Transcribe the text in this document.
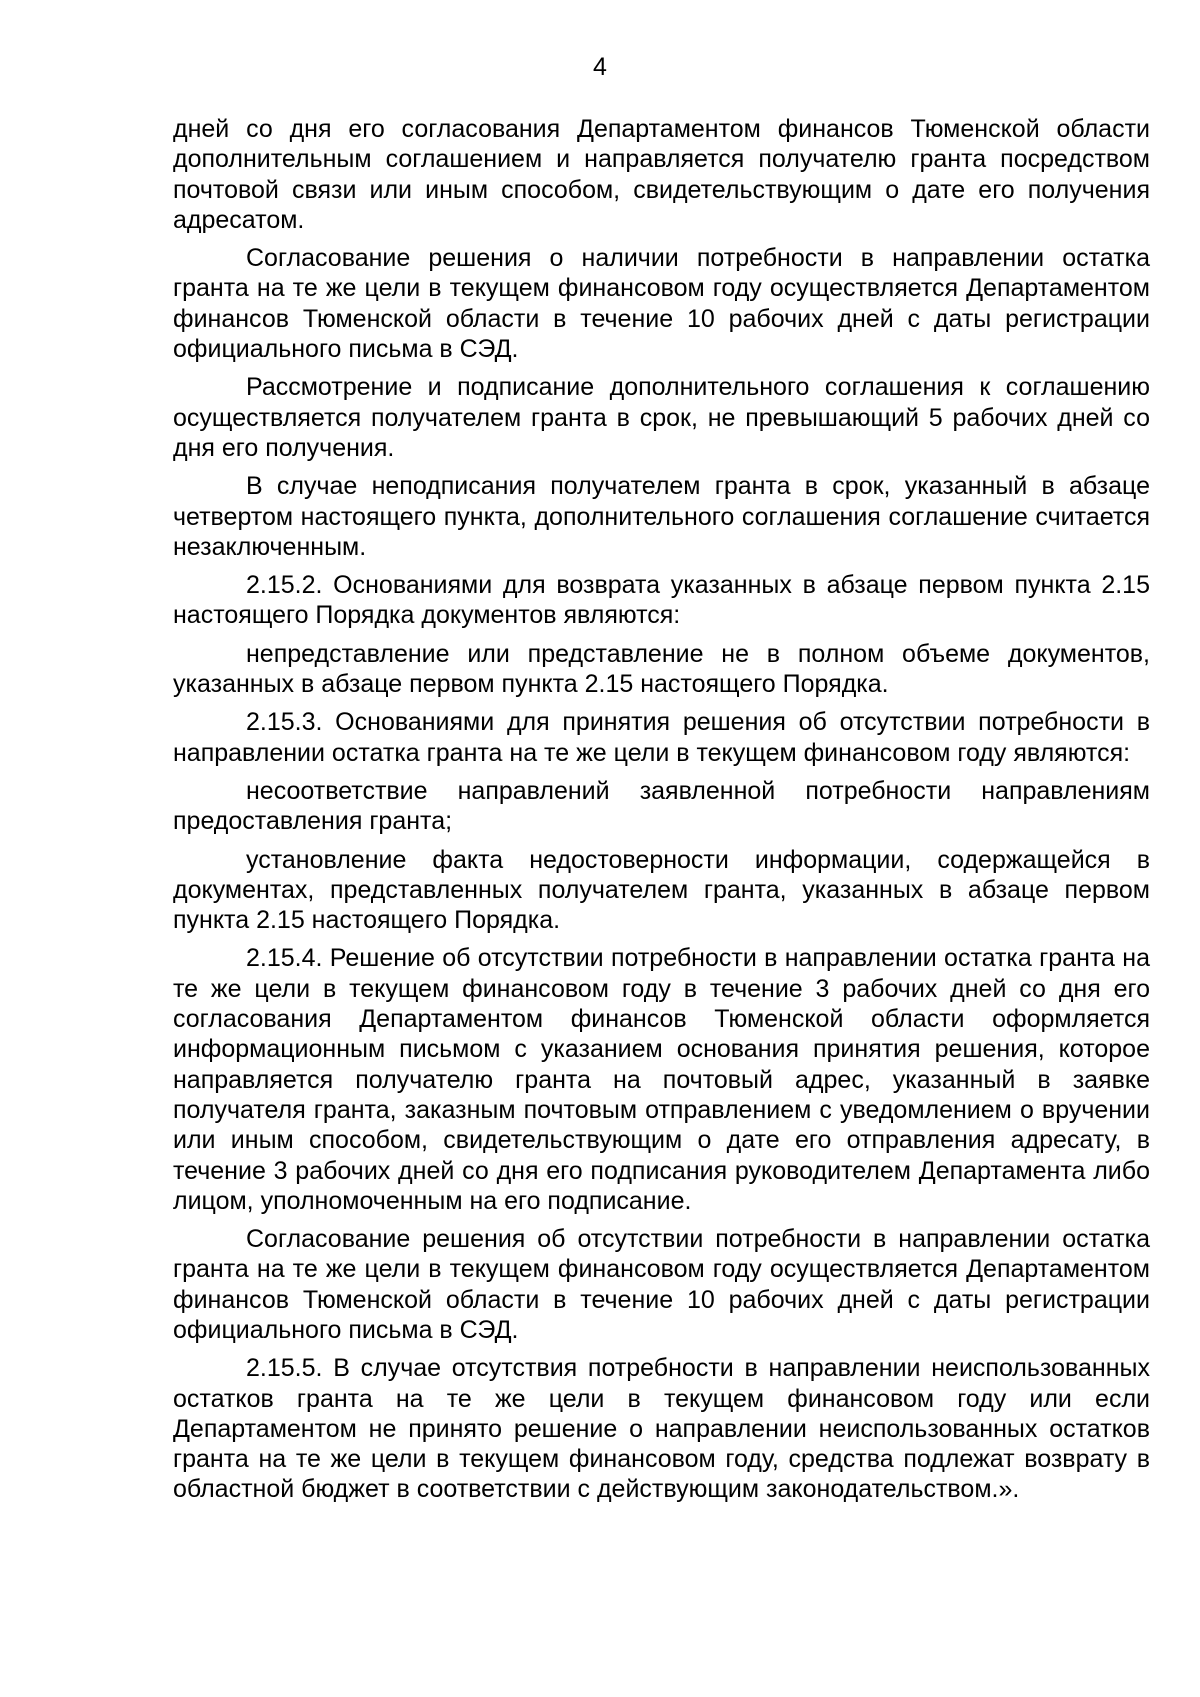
4

дней со дня его согласования Департаментом финансов Тюменской области дополнительным соглашением и направляется получателю гранта посредством почтовой связи или иным способом, свидетельствующим о дате его получения адресатом.

Согласование решения о наличии потребности в направлении остатка гранта на те же цели в текущем финансовом году осуществляется Департаментом финансов Тюменской области в течение 10 рабочих дней с даты регистрации официального письма в СЭД.

Рассмотрение и подписание дополнительного соглашения к соглашению осуществляется получателем гранта в срок, не превышающий 5 рабочих дней со дня его получения.

В случае неподписания получателем гранта в срок, указанный в абзаце четвертом настоящего пункта, дополнительного соглашения соглашение считается незаключенным.

2.15.2. Основаниями для возврата указанных в абзаце первом пункта 2.15 настоящего Порядка документов являются:

непредставление или представление не в полном объеме документов, указанных в абзаце первом пункта 2.15 настоящего Порядка.

2.15.3. Основаниями для принятия решения об отсутствии потребности в направлении остатка гранта на те же цели в текущем финансовом году являются:

несоответствие направлений заявленной потребности направлениям предоставления гранта;

установление факта недостоверности информации, содержащейся в документах, представленных получателем гранта, указанных в абзаце первом пункта 2.15 настоящего Порядка.

2.15.4. Решение об отсутствии потребности в направлении остатка гранта на те же цели в текущем финансовом году в течение 3 рабочих дней со дня его согласования Департаментом финансов Тюменской области оформляется информационным письмом с указанием основания принятия решения, которое направляется получателю гранта на почтовый адрес, указанный в заявке получателя гранта, заказным почтовым отправлением с уведомлением о вручении или иным способом, свидетельствующим о дате его отправления адресату, в течение 3 рабочих дней со дня его подписания руководителем Департамента либо лицом, уполномоченным на его подписание.

Согласование решения об отсутствии потребности в направлении остатка гранта на те же цели в текущем финансовом году осуществляется Департаментом финансов Тюменской области в течение 10 рабочих дней с даты регистрации официального письма в СЭД.

2.15.5. В случае отсутствия потребности в направлении неиспользованных остатков гранта на те же цели в текущем финансовом году или если Департаментом не принято решение о направлении неиспользованных остатков гранта на те же цели в текущем финансовом году, средства подлежат возврату в областной бюджет в соответствии с действующим законодательством.».
